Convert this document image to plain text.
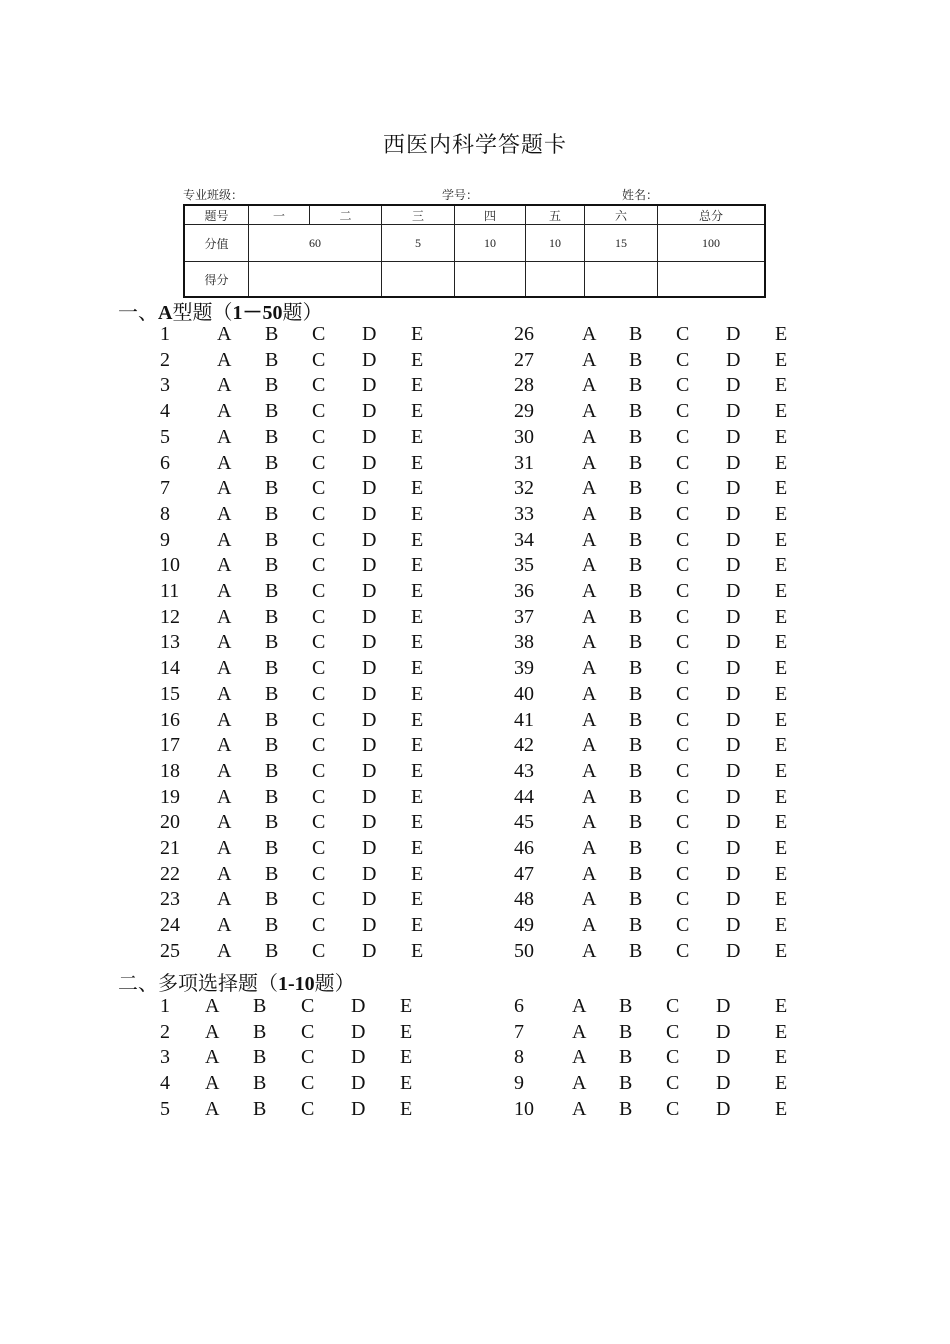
西医内科学答题卡
专业班级：	学号：	姓名：
题号	一	二	三	四	五	六	总分
分值	60		5	10	10	15	100
得分							
一、A型题（1－50题）
1 A B C D E
2 A B C D E
3 A B C D E
4 A B C D E
5 A B C D E
6 A B C D E
7 A B C D E
8 A B C D E
9 A B C D E
10 A B C D E
11 A B C D E
12 A B C D E
13 A B C D E
14 A B C D E
15 A B C D E
16 A B C D E
17 A B C D E
18 A B C D E
19 A B C D E
20 A B C D E
21 A B C D E
22 A B C D E
23 A B C D E
24 A B C D E
25 A B C D E
26 A B C D E
27 A B C D E
28 A B C D E
29 A B C D E
30 A B C D E
31 A B C D E
32 A B C D E
33 A B C D E
34 A B C D E
35 A B C D E
36 A B C D E
37 A B C D E
38 A B C D E
39 A B C D E
40 A B C D E
41 A B C D E
42 A B C D E
43 A B C D E
44 A B C D E
45 A B C D E
46 A B C D E
47 A B C D E
48 A B C D E
49 A B C D E
50 A B C D E
二、多项选择题（1-10题）
1 A B C D E
2 A B C D E
3 A B C D E
4 A B C D E
5 A B C D E
6 A B C D E
7 A B C D E
8 A B C D E
9 A B C D E
10 A B C D E
